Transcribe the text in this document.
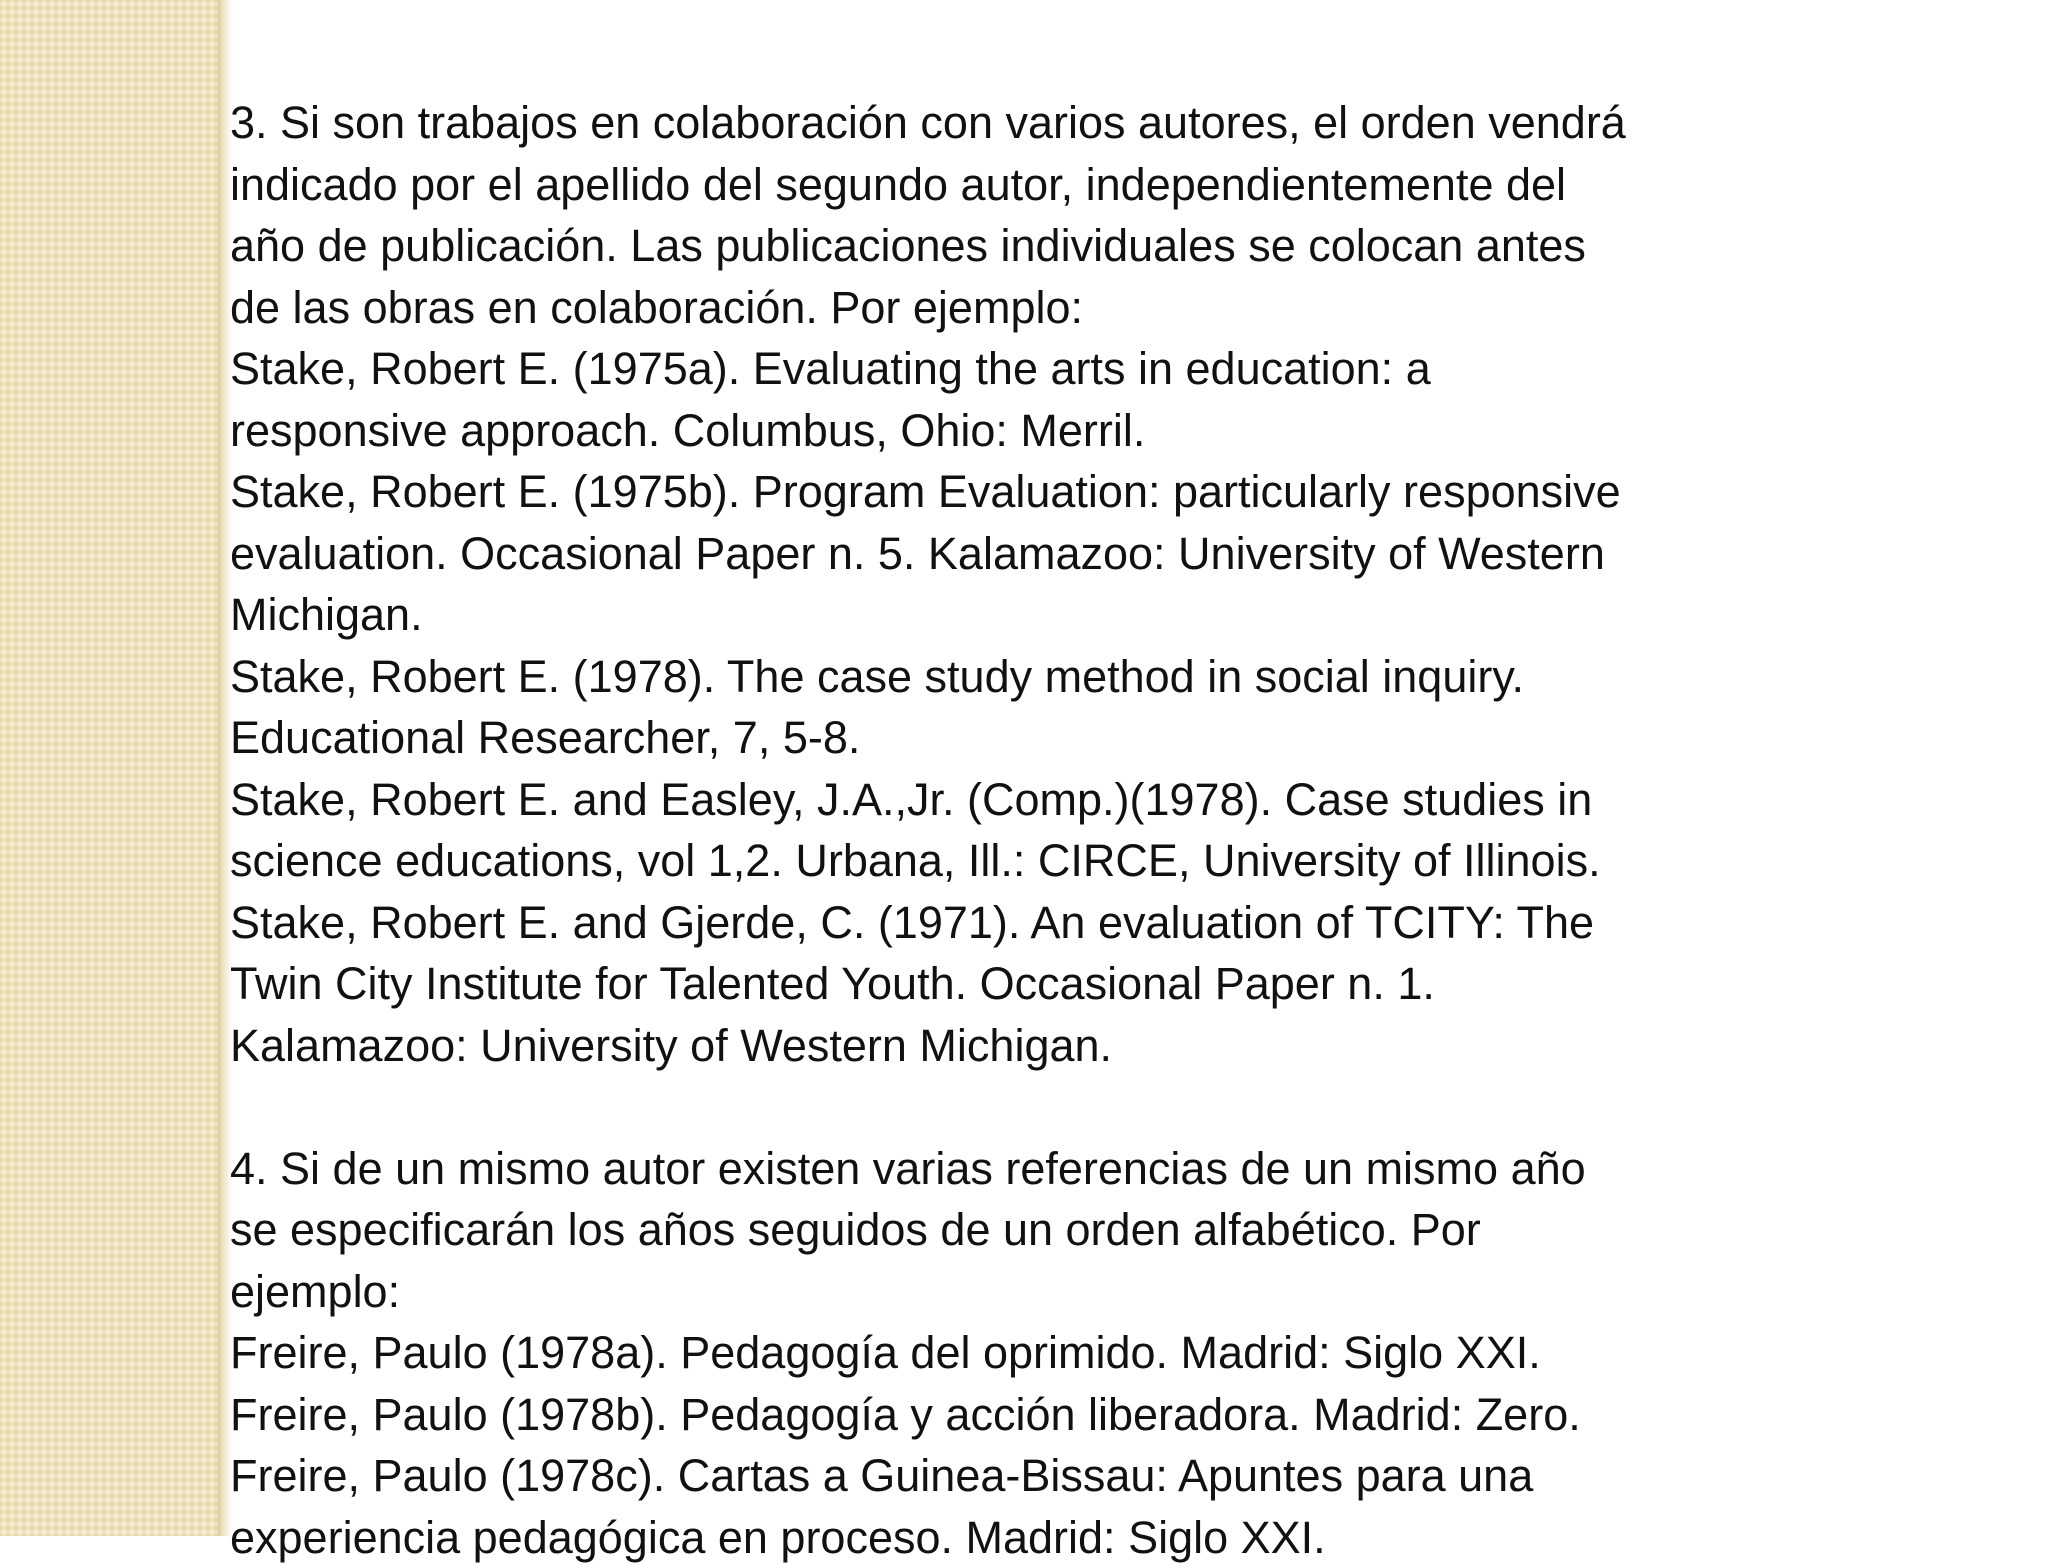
3. Si son trabajos en colaboración con varios autores, el orden vendrá

indicado por el apellido del segundo autor, independientemente del

año de publicación. Las publicaciones individuales se colocan antes

de las obras en colaboración. Por ejemplo:

Stake, Robert E. (1975a). Evaluating the arts in education: a

responsive approach. Columbus, Ohio: Merril.

Stake, Robert E. (1975b). Program Evaluation: particularly responsive

evaluation. Occasional Paper n. 5. Kalamazoo: University of Western

Michigan.

Stake, Robert E. (1978). The case study method in social inquiry.

Educational Researcher, 7, 5-8.

Stake, Robert E. and Easley, J.A.,Jr. (Comp.)(1978). Case studies in

science educations, vol 1,2. Urbana, Ill.: CIRCE, University of Illinois.

Stake, Robert E. and Gjerde, C. (1971). An evaluation of TCITY: The

Twin City Institute for Talented Youth. Occasional Paper n. 1.

Kalamazoo: University of Western Michigan.

4. Si de un mismo autor existen varias referencias de un mismo año

se especificarán los años seguidos de un orden alfabético. Por

ejemplo:

Freire, Paulo (1978a). Pedagogía del oprimido. Madrid: Siglo XXI.

Freire, Paulo (1978b). Pedagogía y acción liberadora. Madrid: Zero.

Freire, Paulo (1978c). Cartas a Guinea-Bissau: Apuntes para una

experiencia pedagógica en proceso. Madrid: Siglo XXI.
